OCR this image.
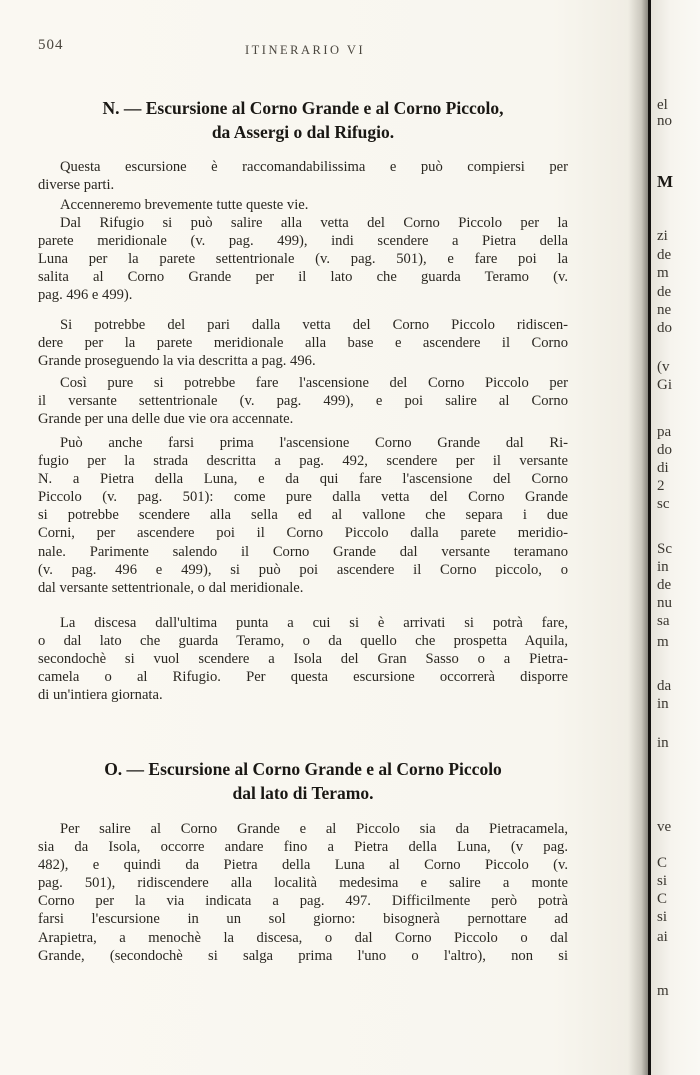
504	ITINERARIO VI
N. — Escursione al Corno Grande e al Corno Piccolo,
da Assergi o dal Rifugio.
Questa escursione è raccomandabilissima e può compiersi per
diverse parti.
Accenneremo brevemente tutte queste vie.
Dal Rifugio si può salire alla vetta del Corno Piccolo per la
parete meridionale (v. pag. 499), indi scendere a Pietra della
Luna per la parete settentrionale (v. pag. 501), e fare poi la
salita al Corno Grande per il lato che guarda Teramo (v.
pag. 496 e 499).
Si potrebbe del pari dalla vetta del Corno Piccolo ridiscen-
dere per la parete meridionale alla base e ascendere il Corno
Grande proseguendo la via descritta a pag. 496.
Così pure si potrebbe fare l'ascensione del Corno Piccolo per
il versante settentrionale (v. pag. 499), e poi salire al Corno
Grande per una delle due vie ora accennate.
Può anche farsi prima l'ascensione Corno Grande dal Ri-
fugio per la strada descritta a pag. 492, scendere per il versante
N. a Pietra della Luna, e da qui fare l'ascensione del Corno
Piccolo (v. pag. 501): come pure dalla vetta del Corno Grande
si potrebbe scendere alla sella ed al vallone che separa i due
Corni, per ascendere poi il Corno Piccolo dalla parete meridio-
nale. Parimente salendo il Corno Grande dal versante teramano
(v. pag. 496 e 499), si può poi ascendere il Corno piccolo, o
dal versante settentrionale, o dal meridionale.
La discesa dall'ultima punta a cui si è arrivati si potrà fare,
o dal lato che guarda Teramo, o da quello che prospetta Aquila,
secondochè si vuol scendere a Isola del Gran Sasso o a Pietra-
camela o al Rifugio. Per questa escursione occorrerà disporre
di un'intiera giornata.
O. — Escursione al Corno Grande e al Corno Piccolo
dal lato di Teramo.
Per salire al Corno Grande e al Piccolo sia da Pietracamela,
sia da Isola, occorre andare fino a Pietra della Luna, (v pag.
482), e quindi da Pietra della Luna al Corno Piccolo (v.
pag. 501), ridiscendere alla località medesima e salire a monte
Corno per la via indicata a pag. 497. Difficilmente però potrà
farsi l'escursione in un sol giorno: bisognerà pernottare ad
Arapietra, a menochè la discesa, o dal Corno Piccolo o dal
Grande, (secondochè si salga prima l'uno o l'altro), non si
el
no
M
zi
de
m
de
ne
do
(v
Gi
pa
do
di
2
sc
Sc
in
de
nu
sa
m
da
in
in
ve
C
si
C
si
ai
m
